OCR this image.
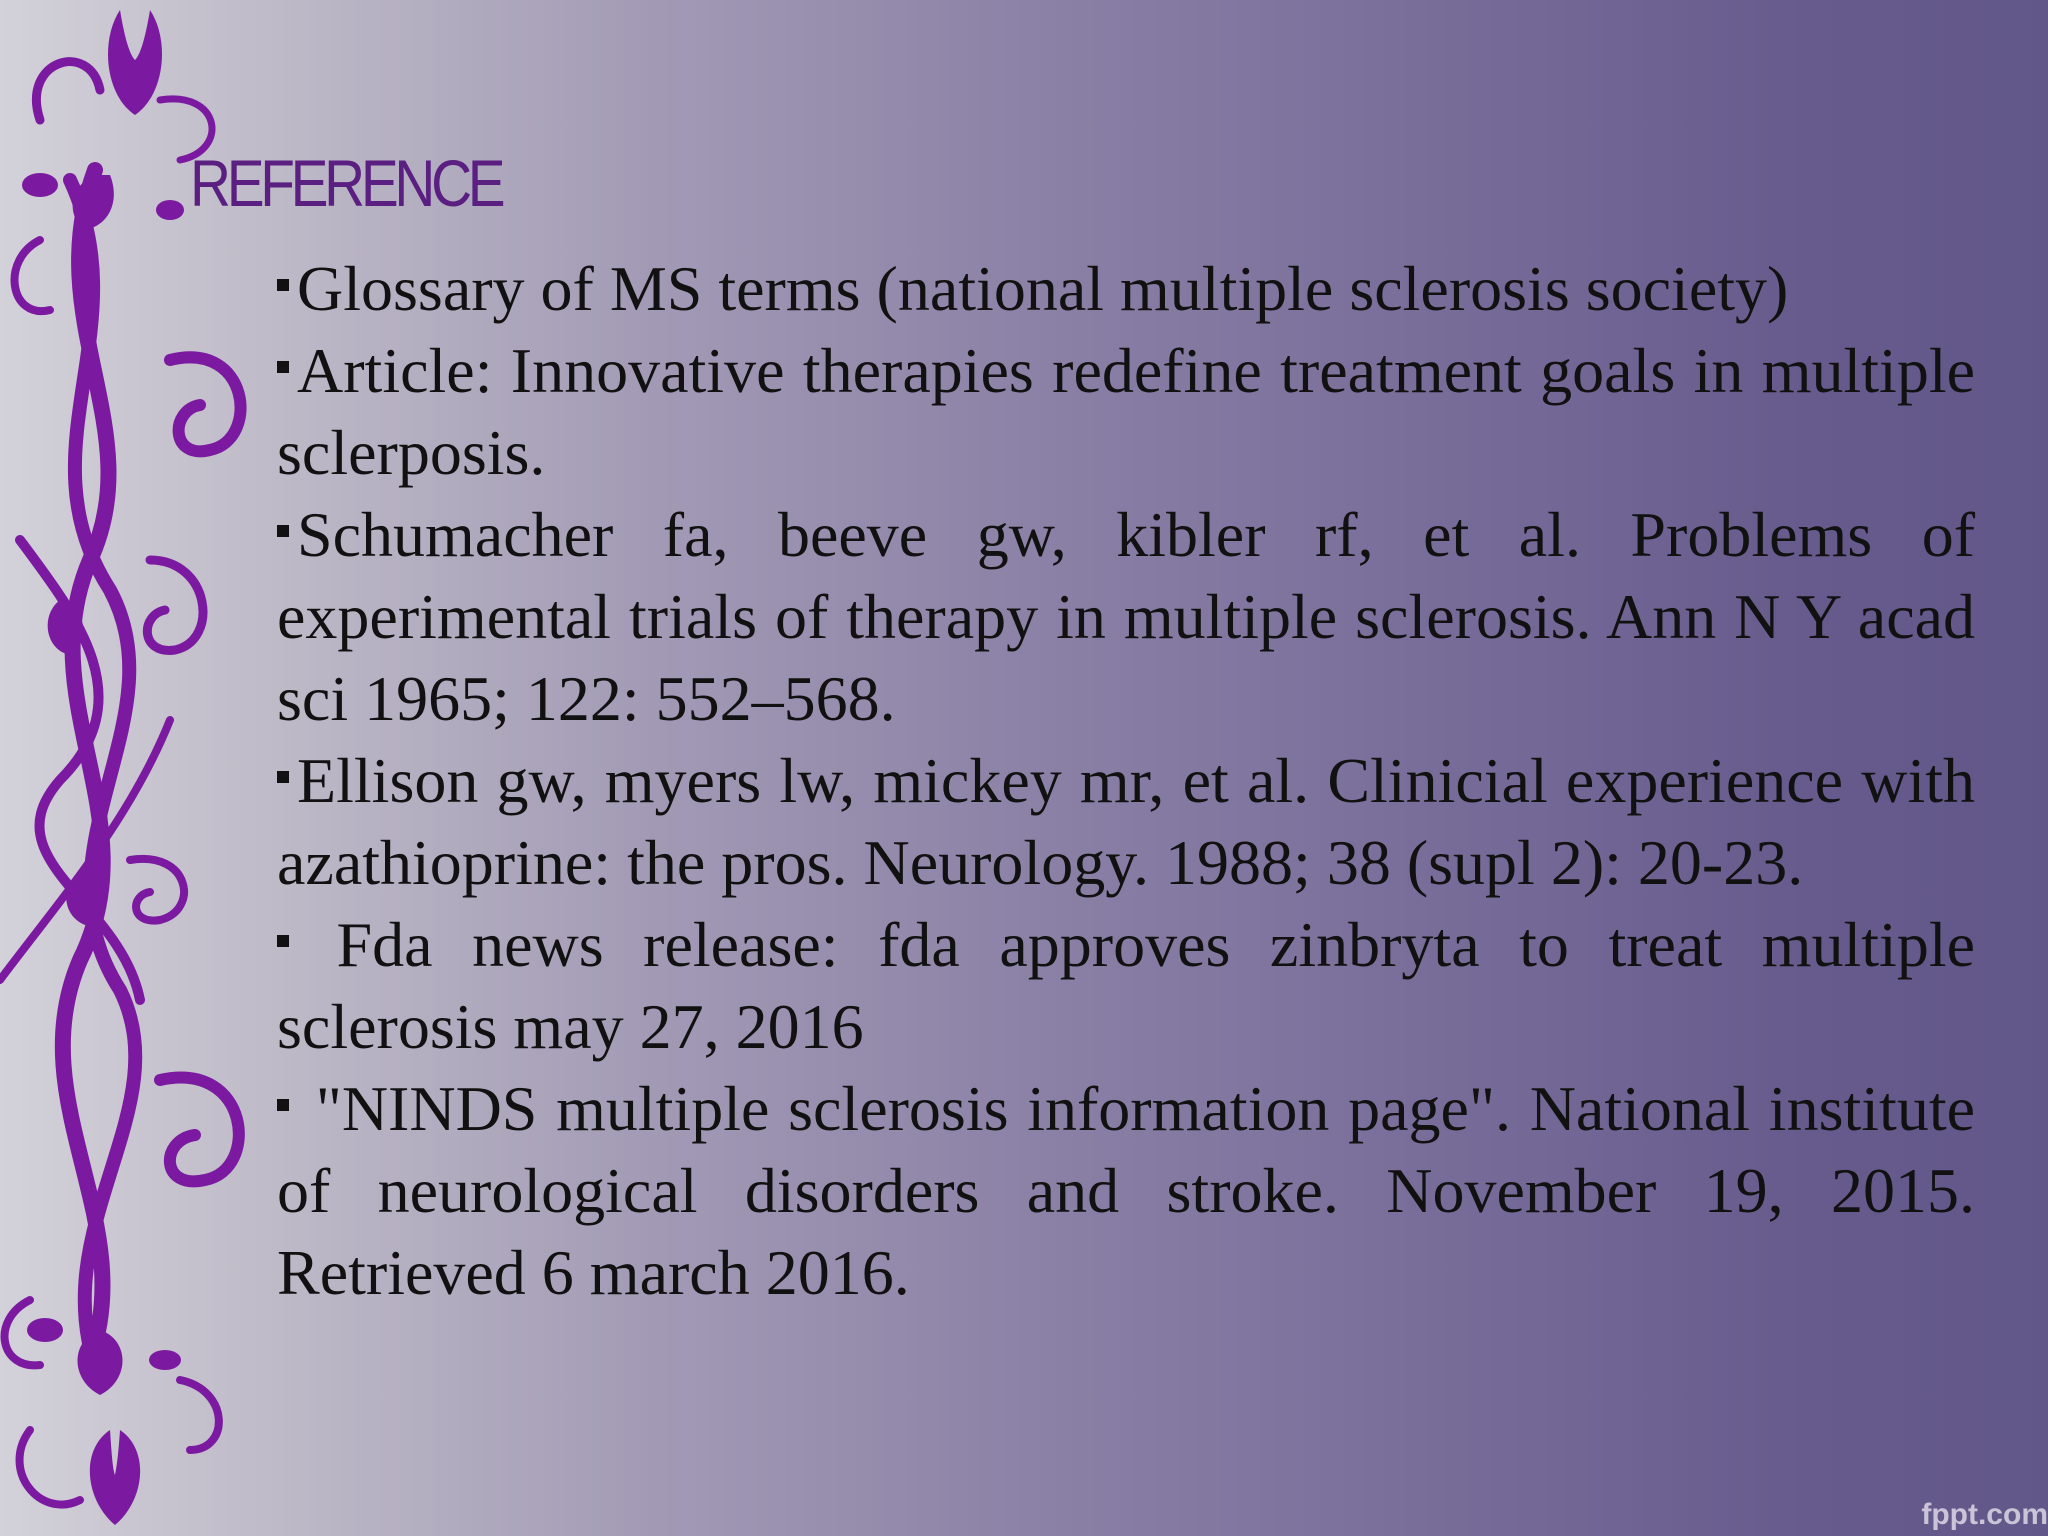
REFERENCE
Glossary of MS terms (national multiple sclerosis society)
Article: Innovative therapies redefine treatment goals in multiple sclerposis.
Schumacher fa, beeve gw, kibler rf, et al. Problems of experimental trials of therapy in multiple sclerosis. Ann N Y acad sci 1965; 122: 552–568.
Ellison gw, myers lw, mickey mr, et al. Clinicial experience with azathioprine: the pros. Neurology. 1988; 38 (supl 2): 20-23.
Fda news release: fda approves zinbryta to treat multiple sclerosis may 27, 2016
"NINDS multiple sclerosis information page". National institute of neurological disorders and stroke. November 19, 2015. Retrieved 6 march 2016.
fppt.com
